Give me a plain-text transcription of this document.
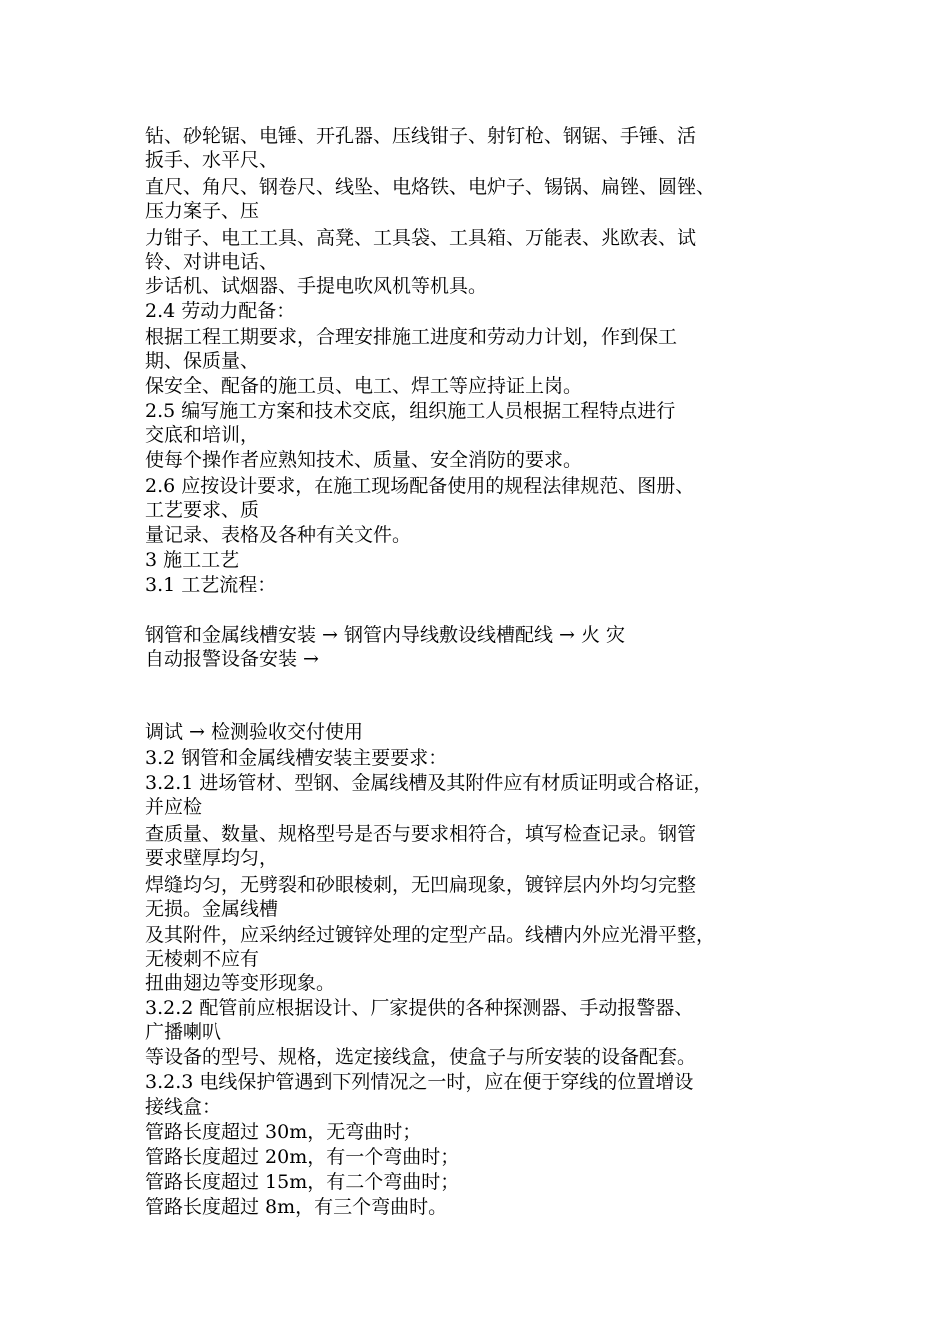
钻、砂轮锯、电锤、开孔器、压线钳子、射钉枪、钢锯、手锤、活
扳手、水平尺、
直尺、角尺、钢卷尺、线坠、电烙铁、电炉子、锡锅、扁锉、圆锉、
压力案子、压
力钳子、电工工具、高凳、工具袋、工具箱、万能表、兆欧表、试
铃、对讲电话、
步话机、试烟器、手提电吹风机等机具。
2.4 劳动力配备：
根据工程工期要求，合理安排施工进度和劳动力计划，作到保工
期、保质量、
保安全、配备的施工员、电工、焊工等应持证上岗。
2.5 编写施工方案和技术交底，组织施工人员根据工程特点进行
交底和培训，
使每个操作者应熟知技术、质量、安全消防的要求。
2.6 应按设计要求，在施工现场配备使用的规程法律规范、图册、
工艺要求、质
量记录、表格及各种有关文件。
3 施工工艺
3.1 工艺流程：
钢管和金属线槽安装 → 钢管内导线敷设线槽配线 → 火 灾
自动报警设备安装 →
调试 → 检测验收交付使用
3.2 钢管和金属线槽安装主要要求：
3.2.1 进场管材、型钢、金属线槽及其附件应有材质证明或合格证，
并应检
查质量、数量、规格型号是否与要求相符合，填写检查记录。钢管
要求壁厚均匀，
焊缝均匀，无劈裂和砂眼棱刺，无凹扁现象，镀锌层内外均匀完整
无损。金属线槽
及其附件，应采纳经过镀锌处理的定型产品。线槽内外应光滑平整，
无棱刺不应有
扭曲翅边等变形现象。
3.2.2 配管前应根据设计、厂家提供的各种探测器、手动报警器、
广播喇叭
等设备的型号、规格，选定接线盒，使盒子与所安装的设备配套。
3.2.3 电线保护管遇到下列情况之一时，应在便于穿线的位置增设
接线盒：
管路长度超过 30m，无弯曲时；
管路长度超过 20m，有一个弯曲时；
管路长度超过 15m，有二个弯曲时；
管路长度超过 8m，有三个弯曲时。
